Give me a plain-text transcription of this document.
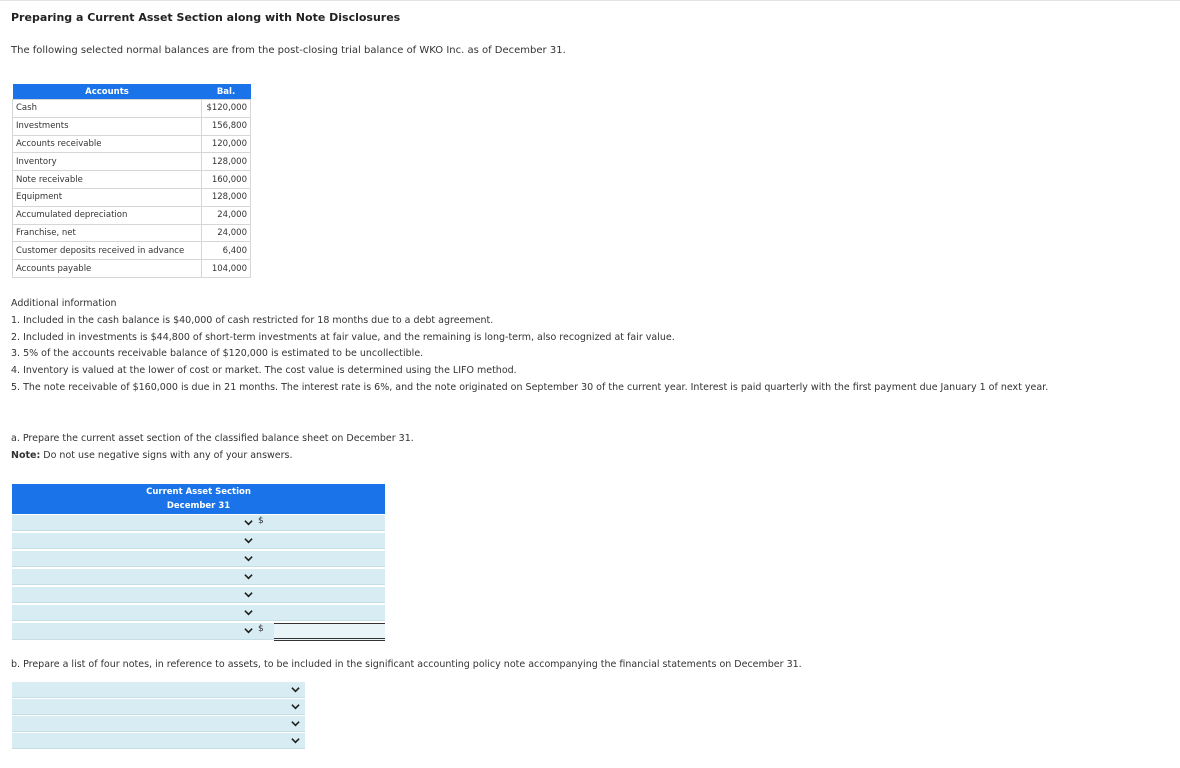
Preparing a Current Asset Section along with Note Disclosures
The following selected normal balances are from the post-closing trial balance of WKO Inc. as of December 31.
Accounts	Bal.
Cash	$120,000
Investments	156,800
Accounts receivable	120,000
Inventory	128,000
Note receivable	160,000
Equipment	128,000
Accumulated depreciation	24,000
Franchise, net	24,000
Customer deposits received in advance	6,400
Accounts payable	104,000
Additional information
1. Included in the cash balance is $40,000 of cash restricted for 18 months due to a debt agreement.
2. Included in investments is $44,800 of short-term investments at fair value, and the remaining is long-term, also recognized at fair value.
3. 5% of the accounts receivable balance of $120,000 is estimated to be uncollectible.
4. Inventory is valued at the lower of cost or market. The cost value is determined using the LIFO method.
5. The note receivable of $160,000 is due in 21 months. The interest rate is 6%, and the note originated on September 30 of the current year. Interest is paid quarterly with the first payment due January 1 of next year.
a. Prepare the current asset section of the classified balance sheet on December 31.
Note: Do not use negative signs with any of your answers.
Current Asset Section
December 31
$
$
b. Prepare a list of four notes, in reference to assets, to be included in the significant accounting policy note accompanying the financial statements on December 31.
